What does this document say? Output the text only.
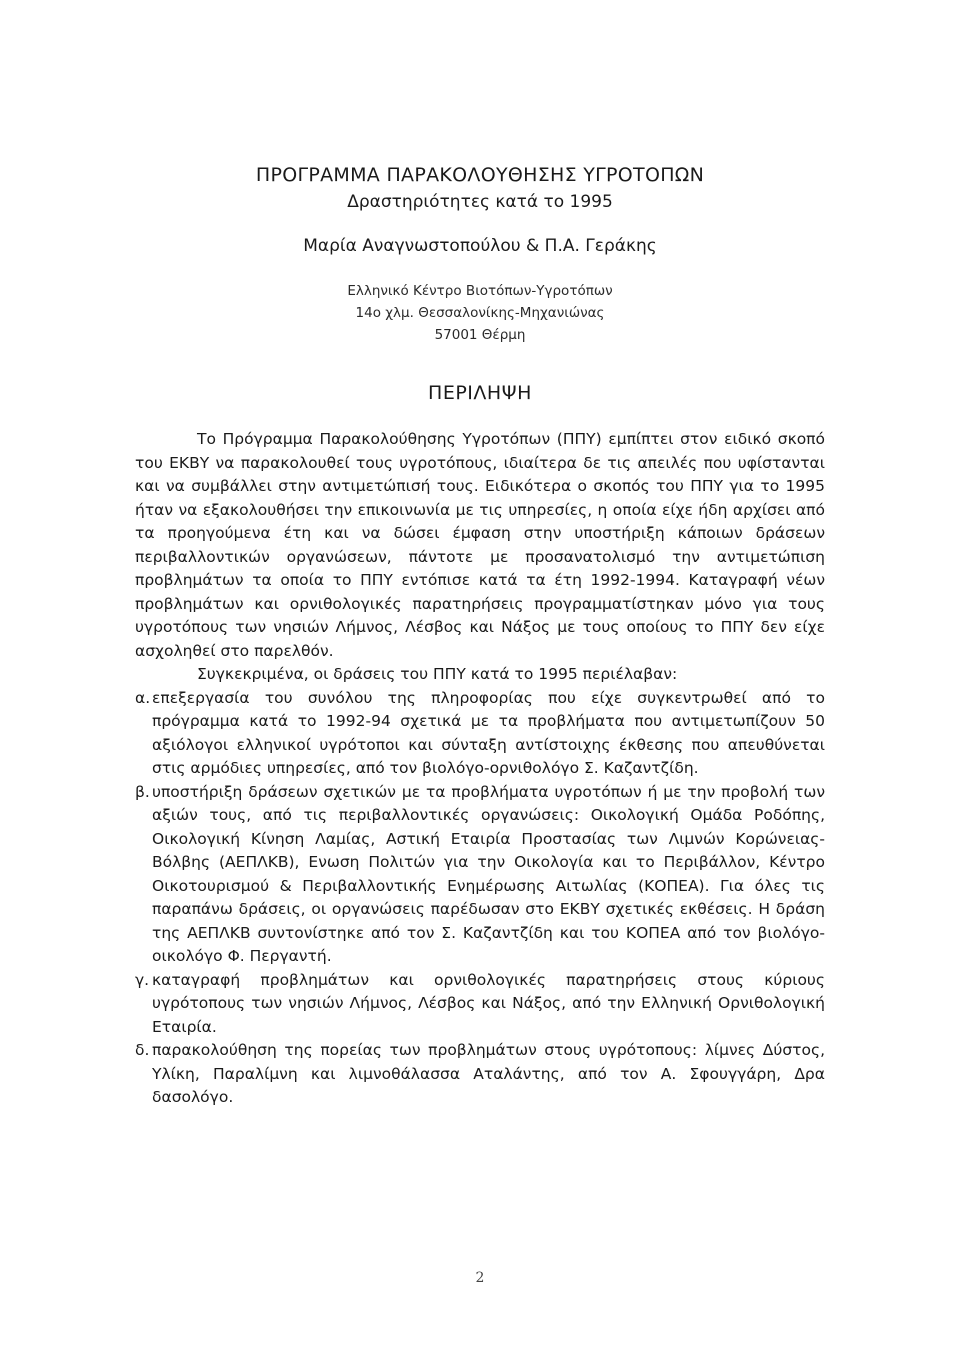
ΠΡΟΓΡΑΜΜΑ ΠΑΡΑΚΟΛΟΥΘΗΣΗΣ ΥΓΡΟΤΟΠΩΝ
Δραστηριότητες κατά το 1995
Μαρία Αναγνωστοπούλου & Π.Α. Γεράκης
Ελληνικό Κέντρο Βιοτόπων-Υγροτόπων
14ο χλμ. Θεσσαλονίκης-Μηχανιώνας
57001 Θέρμη
ΠΕΡΙΛΗΨΗ

Το Πρόγραμμα Παρακολούθησης Υγροτόπων (ΠΠΥ) εμπίπτει στον ειδικό σκοπό του ΕΚΒΥ να παρακολουθεί τους υγροτόπους, ιδιαίτερα δε τις απειλές που υφίστανται και να συμβάλλει στην αντιμετώπισή τους. Ειδικότερα ο σκοπός του ΠΠΥ για το 1995 ήταν να εξακολουθήσει την επικοινωνία με τις υπηρεσίες, η οποία είχε ήδη αρχίσει από τα προηγούμενα έτη και να δώσει έμφαση στην υποστήριξη κάποιων δράσεων περιβαλλοντικών οργανώσεων, πάντοτε με προσανατολισμό την αντιμετώπιση προβλημάτων τα οποία το ΠΠΥ εντόπισε κατά τα έτη 1992-1994. Καταγραφή νέων προβλημάτων και ορνιθολογικές παρατηρήσεις προγραμματίστηκαν μόνο για τους υγροτόπους των νησιών Λήμνος, Λέσβος και Νάξος με τους οποίους το ΠΠΥ δεν είχε ασχοληθεί στο παρελθόν.

Συγκεκριμένα, οι δράσεις του ΠΠΥ κατά το 1995 περιέλαβαν:

α. επεξεργασία του συνόλου της πληροφορίας που είχε συγκεντρωθεί από το πρόγραμμα κατά το 1992-94 σχετικά με τα προβλήματα που αντιμετωπίζουν 50 αξιόλογοι ελληνικοί υγρότοποι και σύνταξη αντίστοιχης έκθεσης που απευθύνεται στις αρμόδιες υπηρεσίες, από τον βιολόγο-ορνιθολόγο Σ. Καζαντζίδη.
β. υποστήριξη δράσεων σχετικών με τα προβλήματα υγροτόπων ή με την προβολή των αξιών τους, από τις περιβαλλοντικές οργανώσεις: Οικολογική Ομάδα Ροδόπης, Οικολογική Κίνηση Λαμίας, Αστική Εταιρία Προστασίας των Λιμνών Κορώνειας-Βόλβης (ΑΕΠΛΚΒ), Ενωση Πολιτών για την Οικολογία και το Περιβάλλον, Κέντρο Οικοτουρισμού & Περιβαλλοντικής Ενημέρωσης Αιτωλίας (ΚΟΠΕΑ). Για όλες τις παραπάνω δράσεις, οι οργανώσεις παρέδωσαν στο ΕΚΒΥ σχετικές εκθέσεις. Η δράση της ΑΕΠΛΚΒ συντονίστηκε από τον Σ. Καζαντζίδη και του ΚΟΠΕΑ από τον βιολόγο-οικολόγο Φ. Περγαντή.
γ. καταγραφή προβλημάτων και ορνιθολογικές παρατηρήσεις στους κύριους υγρότοπους των νησιών Λήμνος, Λέσβος και Νάξος, από την Ελληνική Ορνιθολογική Εταιρία.
δ. παρακολούθηση της πορείας των προβλημάτων στους υγρότοπους: λίμνες Δύστος, Υλίκη, Παραλίμνη και λιμνοθάλασσα Αταλάντης, από τον Α. Σφουγγάρη, Δρα δασολόγο.
2
